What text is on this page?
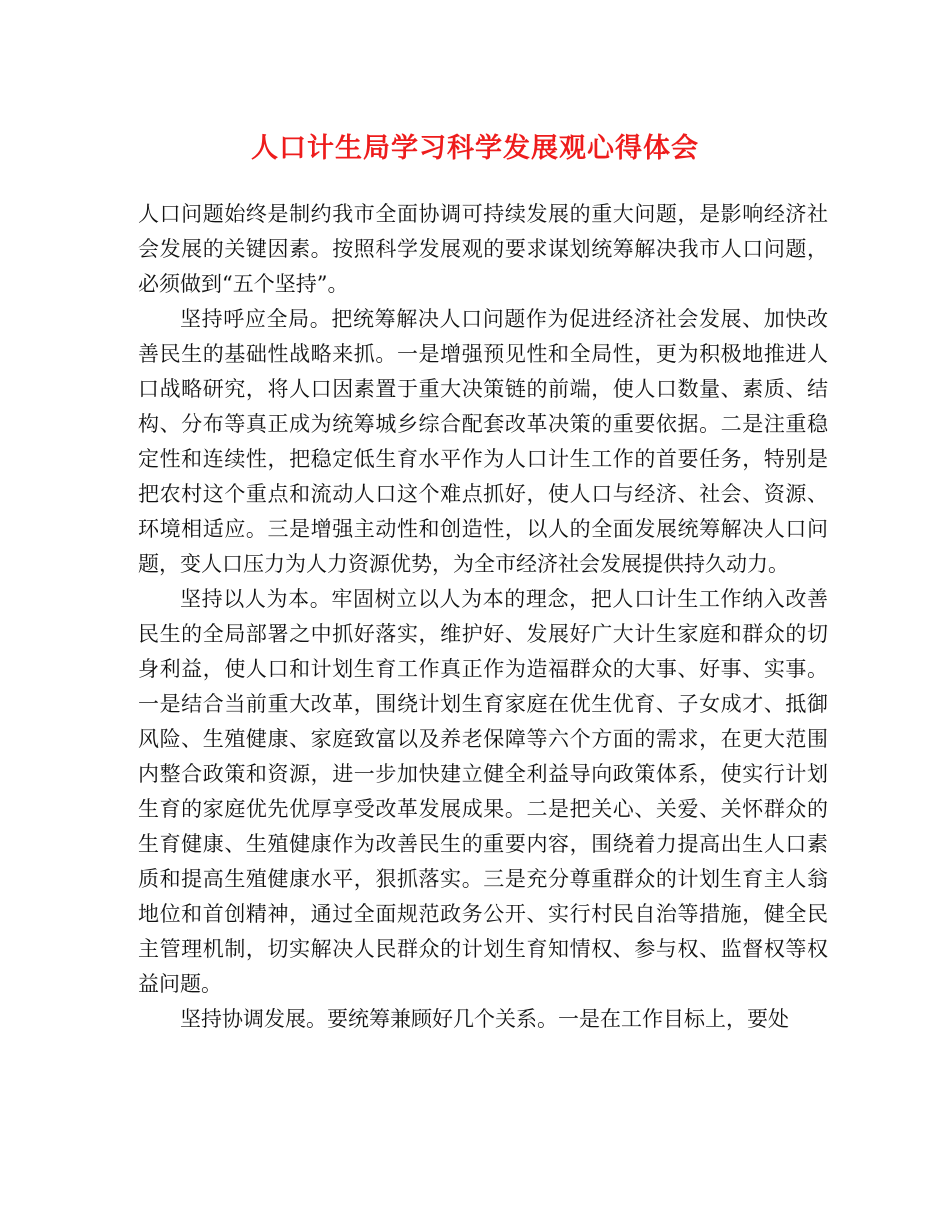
人口计生局学习科学发展观心得体会

人口问题始终是制约我市全面协调可持续发展的重大问题，是影响经济社会发展的关键因素。按照科学发展观的要求谋划统筹解决我市人口问题，必须做到“五个坚持”。

坚持呼应全局。把统筹解决人口问题作为促进经济社会发展、加快改善民生的基础性战略来抓。一是增强预见性和全局性，更为积极地推进人口战略研究，将人口因素置于重大决策链的前端，使人口数量、素质、结构、分布等真正成为统筹城乡综合配套改革决策的重要依据。二是注重稳定性和连续性，把稳定低生育水平作为人口计生工作的首要任务，特别是把农村这个重点和流动人口这个难点抓好，使人口与经济、社会、资源、环境相适应。三是增强主动性和创造性，以人的全面发展统筹解决人口问题，变人口压力为人力资源优势，为全市经济社会发展提供持久动力。

坚持以人为本。牢固树立以人为本的理念，把人口计生工作纳入改善民生的全局部署之中抓好落实，维护好、发展好广大计生家庭和群众的切身利益，使人口和计划生育工作真正作为造福群众的大事、好事、实事。一是结合当前重大改革，围绕计划生育家庭在优生优育、子女成才、抵御风险、生殖健康、家庭致富以及养老保障等六个方面的需求，在更大范围内整合政策和资源，进一步加快建立健全利益导向政策体系，使实行计划生育的家庭优先优厚享受改革发展成果。二是把关心、关爱、关怀群众的生育健康、生殖健康作为改善民生的重要内容，围绕着力提高出生人口素质和提高生殖健康水平，狠抓落实。三是充分尊重群众的计划生育主人翁地位和首创精神，通过全面规范政务公开、实行村民自治等措施，健全民主管理机制，切实解决人民群众的计划生育知情权、参与权、监督权等权益问题。

坚持协调发展。要统筹兼顾好几个关系。一是在工作目标上，要处
